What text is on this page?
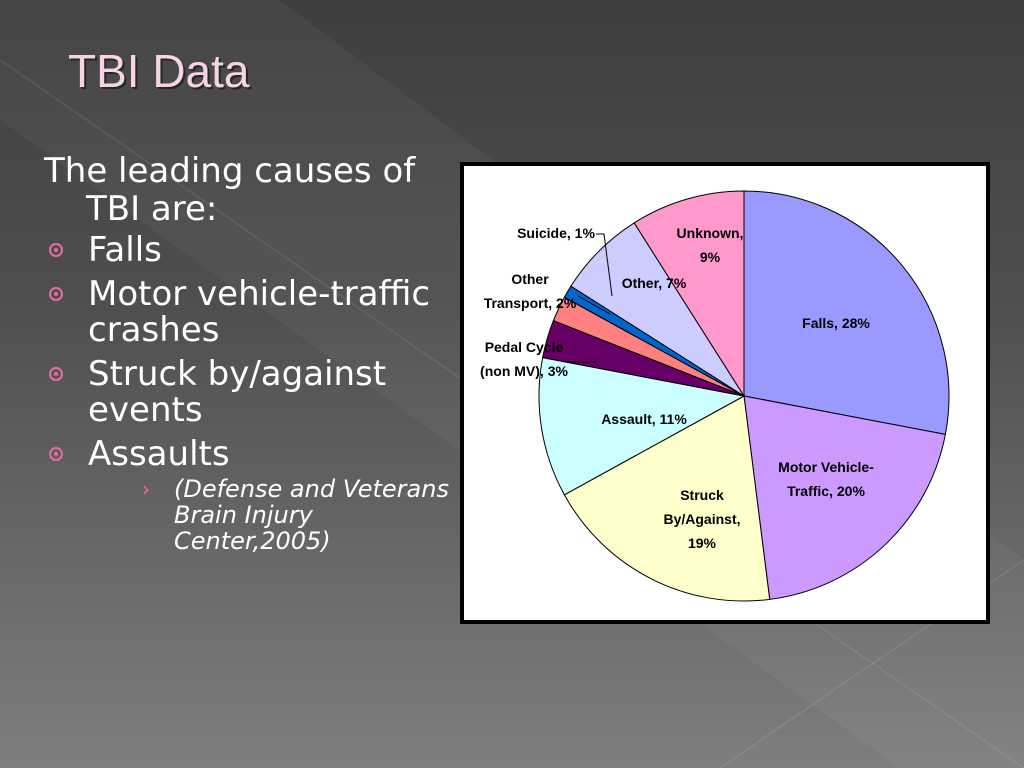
TBI Data

The leading causes of TBI are:

Falls
Motor vehicle-traffic crashes
Struck by/against events
Assaults
› (Defense and Veterans Brain Injury Center,2005)
Falls, 28%
Motor Vehicle-Traffic, 20%
Struck By/Against, 19%
Assault, 11%
Pedal Cycle (non MV), 3%
Other Transport, 2%
Suicide, 1%
Other, 7%
Unknown, 9%
